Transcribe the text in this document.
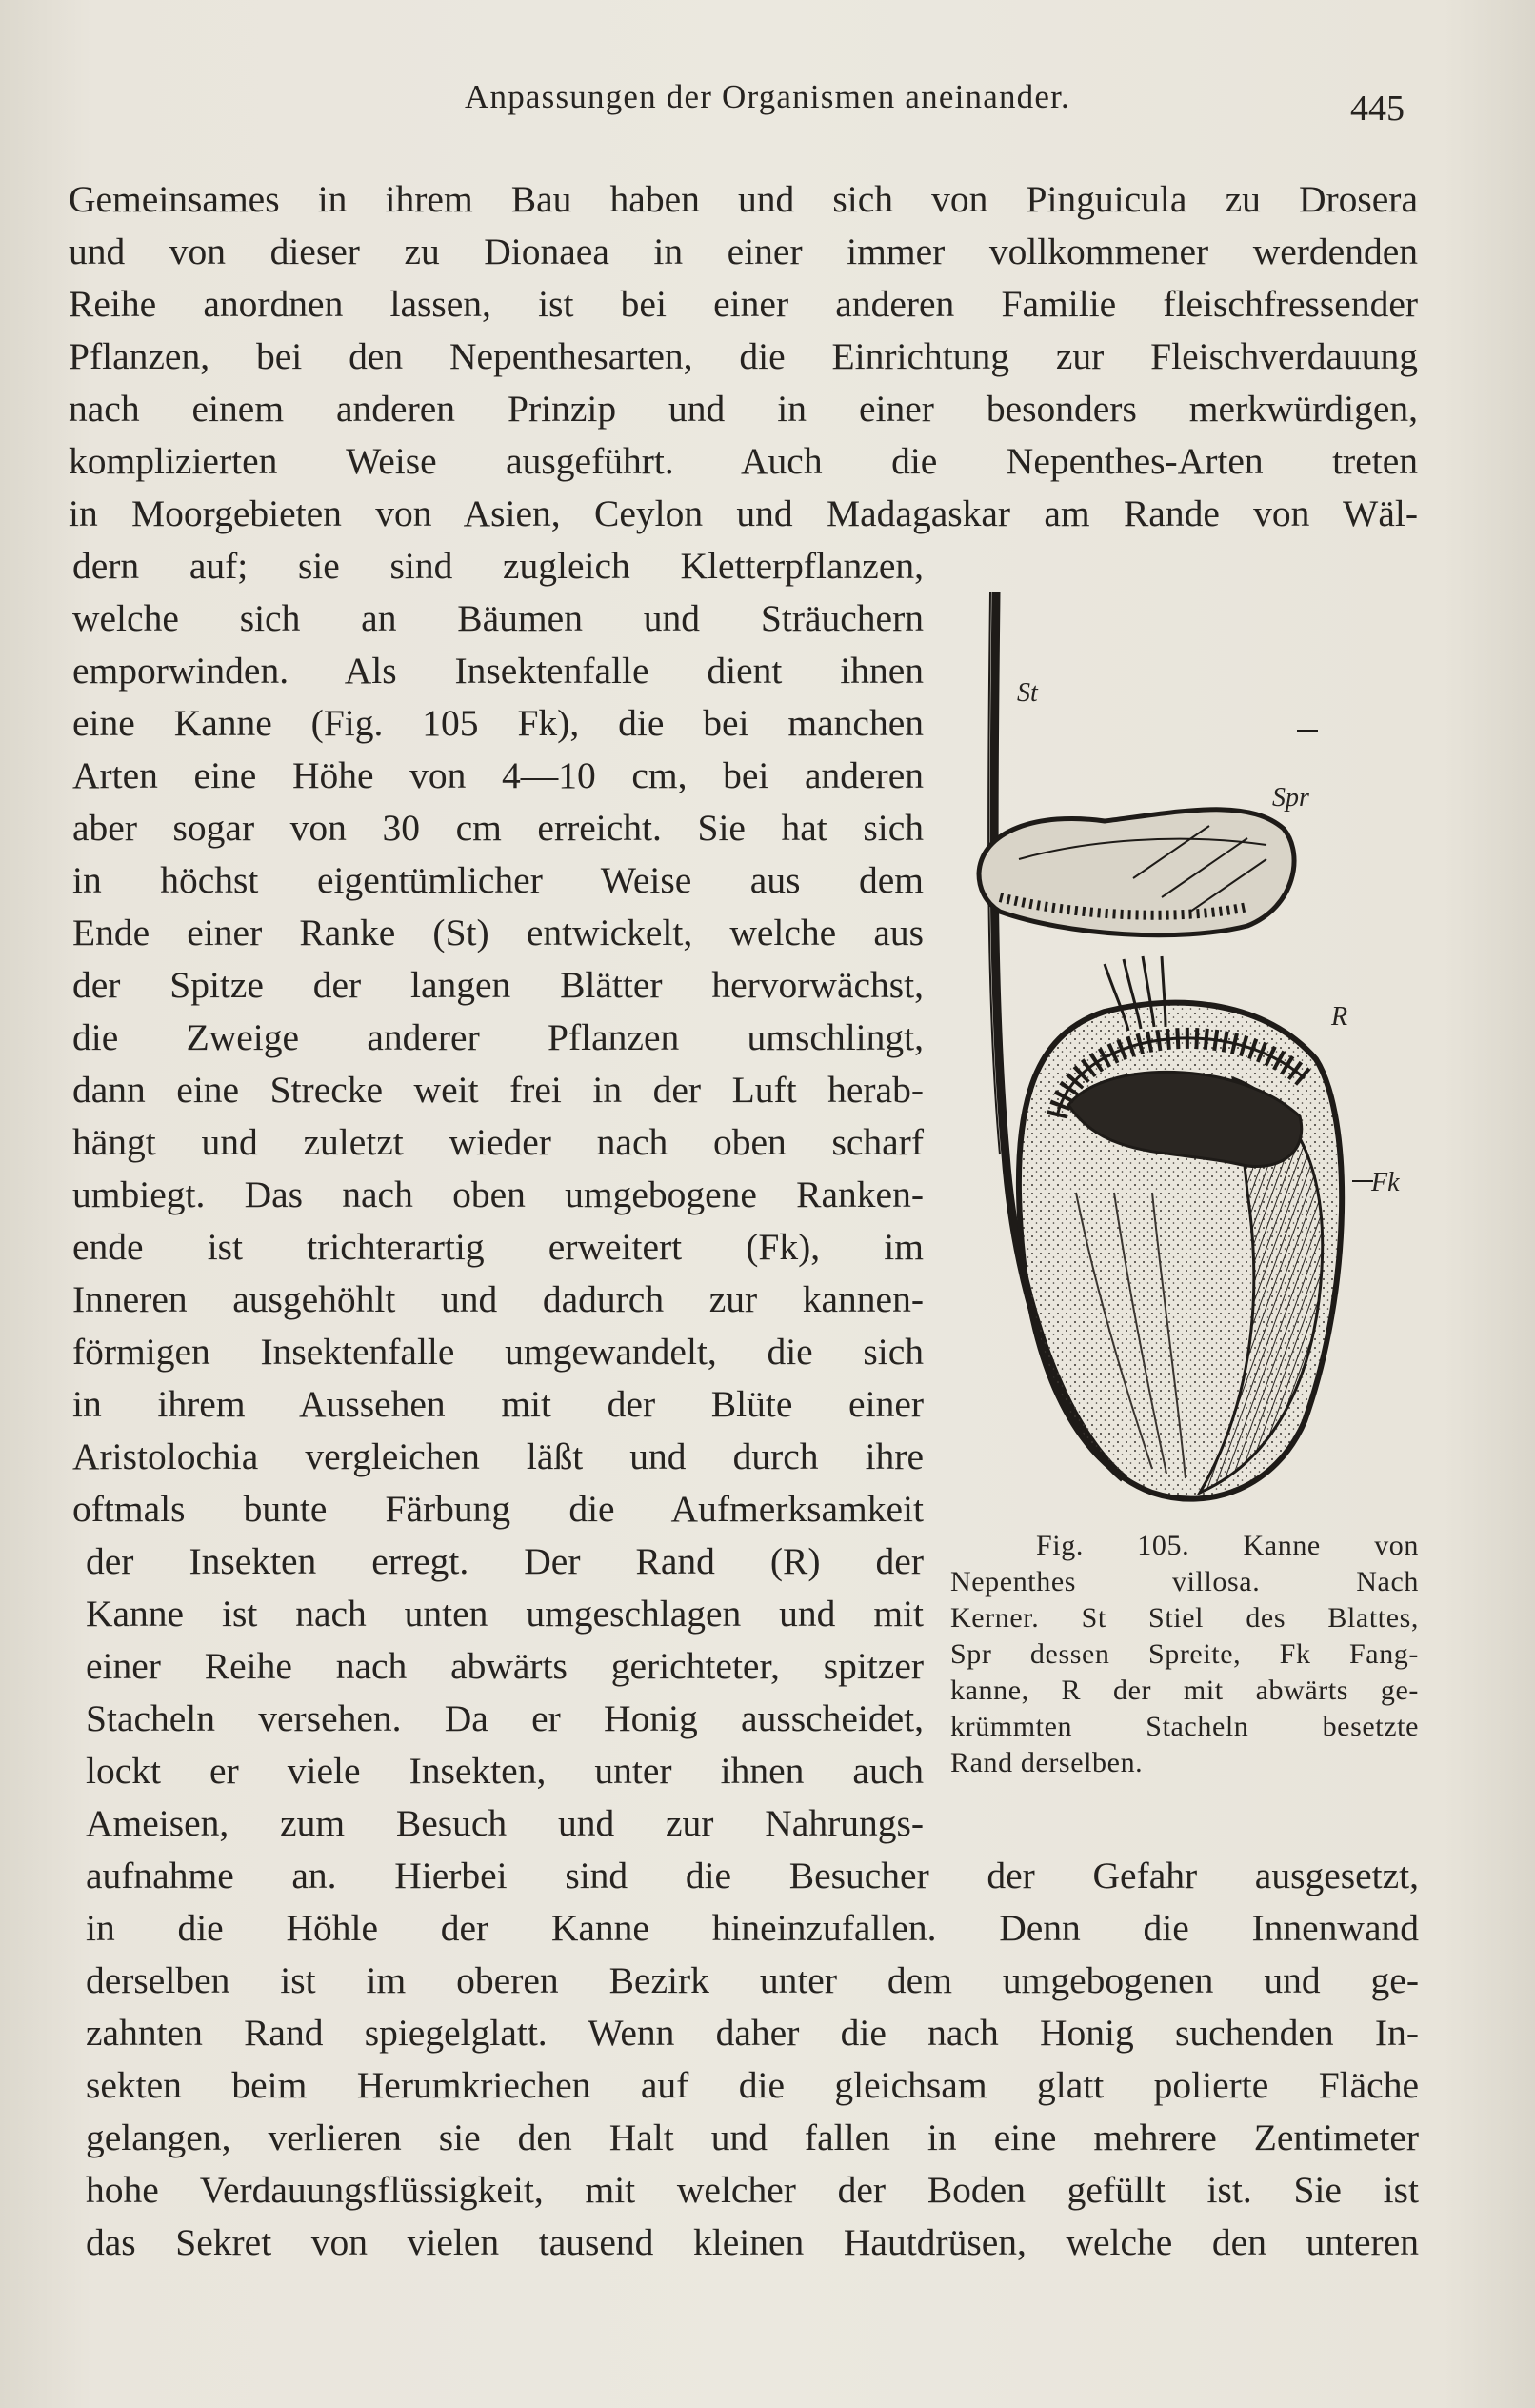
Anpassungen der Organismen aneinander.	445
Gemeinsames in ihrem Bau haben und sich von Pinguicula zu Drosera
und von dieser zu Dionaea in einer immer vollkommener werdenden
Reihe anordnen lassen, ist bei einer anderen Familie fleischfressender
Pflanzen, bei den Nepenthesarten, die Einrichtung zur Fleischverdauung
nach einem anderen Prinzip und in einer besonders merkwürdigen,
komplizierten Weise ausgeführt. Auch die Nepenthes-Arten treten
in Moorgebieten von Asien, Ceylon und Madagaskar am Rande von Wäl-
dern auf; sie sind zugleich Kletterpflanzen,
welche sich an Bäumen und Sträuchern
emporwinden. Als Insektenfalle dient ihnen
eine Kanne (Fig. 105 Fk), die bei manchen
Arten eine Höhe von 4—10 cm, bei anderen
aber sogar von 30 cm erreicht. Sie hat sich
in höchst eigentümlicher Weise aus dem
Ende einer Ranke (St) entwickelt, welche aus
der Spitze der langen Blätter hervorwächst,
die Zweige anderer Pflanzen umschlingt,
dann eine Strecke weit frei in der Luft herab-
hängt und zuletzt wieder nach oben scharf
umbiegt. Das nach oben umgebogene Ranken-
ende ist trichterartig erweitert (Fk), im
Inneren ausgehöhlt und dadurch zur kannen-
förmigen Insektenfalle umgewandelt, die sich
in ihrem Aussehen mit der Blüte einer
Aristolochia vergleichen läßt und durch ihre
oftmals bunte Färbung die Aufmerksamkeit
der Insekten erregt. Der Rand (R) der
Kanne ist nach unten umgeschlagen und mit
einer Reihe nach abwärts gerichteter, spitzer
Stacheln versehen. Da er Honig ausscheidet,
lockt er viele Insekten, unter ihnen auch
Ameisen, zum Besuch und zur Nahrungs-
aufnahme an. Hierbei sind die Besucher der Gefahr ausgesetzt,
in die Höhle der Kanne hineinzufallen. Denn die Innenwand
derselben ist im oberen Bezirk unter dem umgebogenen und ge-
zahnten Rand spiegelglatt. Wenn daher die nach Honig suchenden In-
sekten beim Herumkriechen auf die gleichsam glatt polierte Fläche
gelangen, verlieren sie den Halt und fallen in eine mehrere Zentimeter
hohe Verdauungsflüssigkeit, mit welcher der Boden gefüllt ist. Sie ist
das Sekret von vielen tausend kleinen Hautdrüsen, welche den unteren
St
Spr
R
Fk
Fig. 105. Kanne von
Nepenthes villosa. Nach
Kerner. St Stiel des Blattes,
Spr dessen Spreite, Fk Fang-
kanne, R der mit abwärts ge-
krümmten Stacheln besetzte
Rand derselben.
